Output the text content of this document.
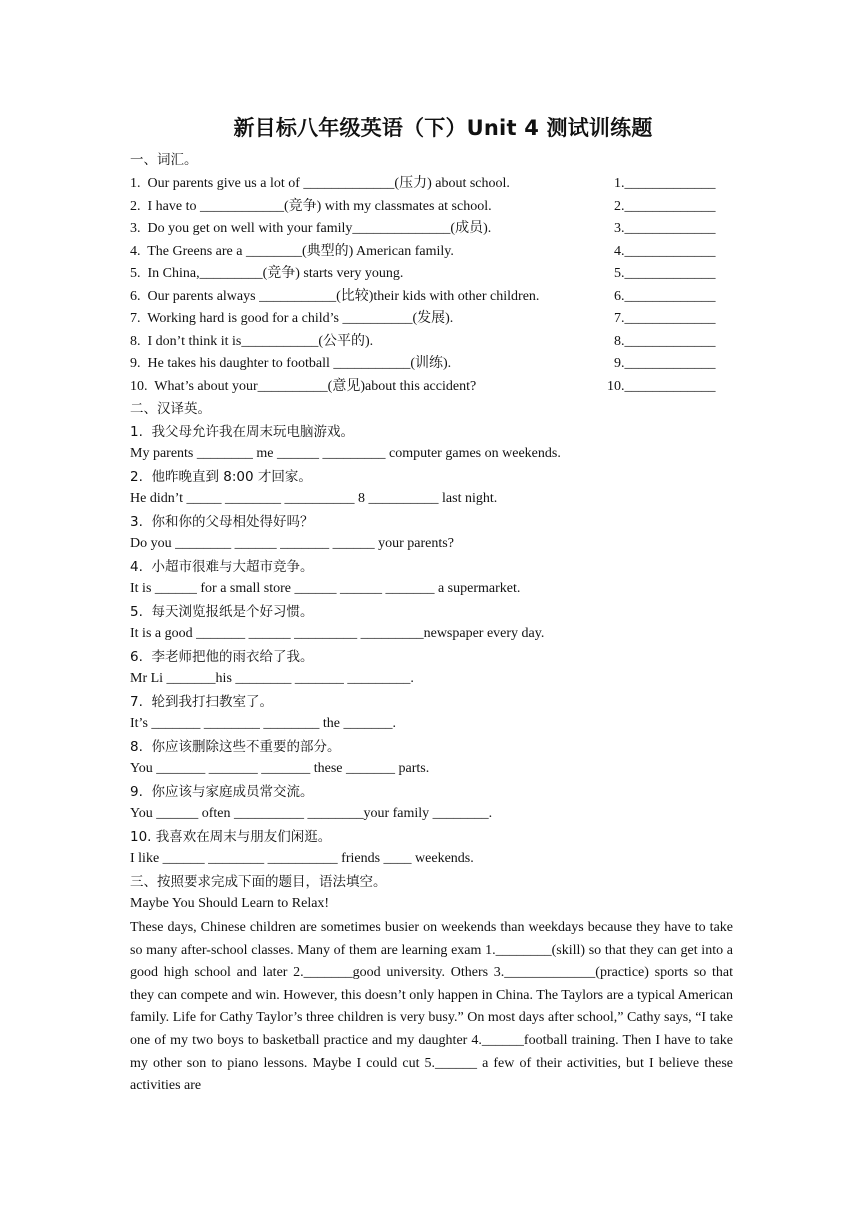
新目标八年级英语（下）Unit 4 测试训练题
一、词汇。
1.  Our parents give us a lot of _____________(压力) about school.	1._____________
2.  I have to ____________(竞争) with my classmates at school.	2._____________
3.  Do you get on well with your family______________(成员).	3._____________
4.  The Greens are a ________(典型的) American family.	4._____________
5.  In China,_________(竞争) starts very young.	5._____________
6.  Our parents always ___________(比较)their kids with other children.	6._____________
7.  Working hard is good for a child’s __________(发展).	7._____________
8.  I don’t think it is___________(公平的).	8._____________
9.  He takes his daughter to football ___________(训练).	9._____________
10.  What’s about your__________(意见)about this accident?	10._____________
二、汉译英。
1.  我父母允许我在周末玩电脑游戏。
My parents ________ me ______ _________ computer games on weekends.
2.  他昨晚直到 8:00 才回家。
He didn’t _____ ________ __________ 8 __________ last night.
3.  你和你的父母相处得好吗？
Do you ________ ______ _______ ______ your parents?
4.  小超市很难与大超市竞争。
It is ______ for a small store ______ ______ _______ a supermarket.
5.  每天浏览报纸是个好习惯。
It is a good _______ ______ _________ _________newspaper every day.
6.  李老师把他的雨衣给了我。
Mr Li _______his ________ _______ _________.
7.  轮到我打扫教室了。
It’s _______ ________ ________ the _______.
8.  你应该删除这些不重要的部分。
You _______ _______ _______ these _______ parts.
9.  你应该与家庭成员常交流。
You ______ often __________ ________your family ________.
10. 我喜欢在周末与朋友们闲逛。
I like ______ ________ __________ friends ____ weekends.
三、按照要求完成下面的题目，语法填空。
Maybe You Should Learn to Relax!
These days, Chinese children are sometimes busier on weekends than weekdays because they have to take so many after-school classes. Many of them are learning exam 1.________(skill) so that they can get into a good high school and later 2._______good university. Others 3._____________(practice) sports so that they can compete and win. However, this doesn’t only happen in China. The Taylors are a typical American family. Life for Cathy Taylor’s three children is very busy.” On most days after school,” Cathy says, “I take one of my two boys to basketball practice and my daughter 4.______football training. Then I have to take my other son to piano lessons. Maybe I could cut 5.______ a few of their activities, but I believe these activities are
